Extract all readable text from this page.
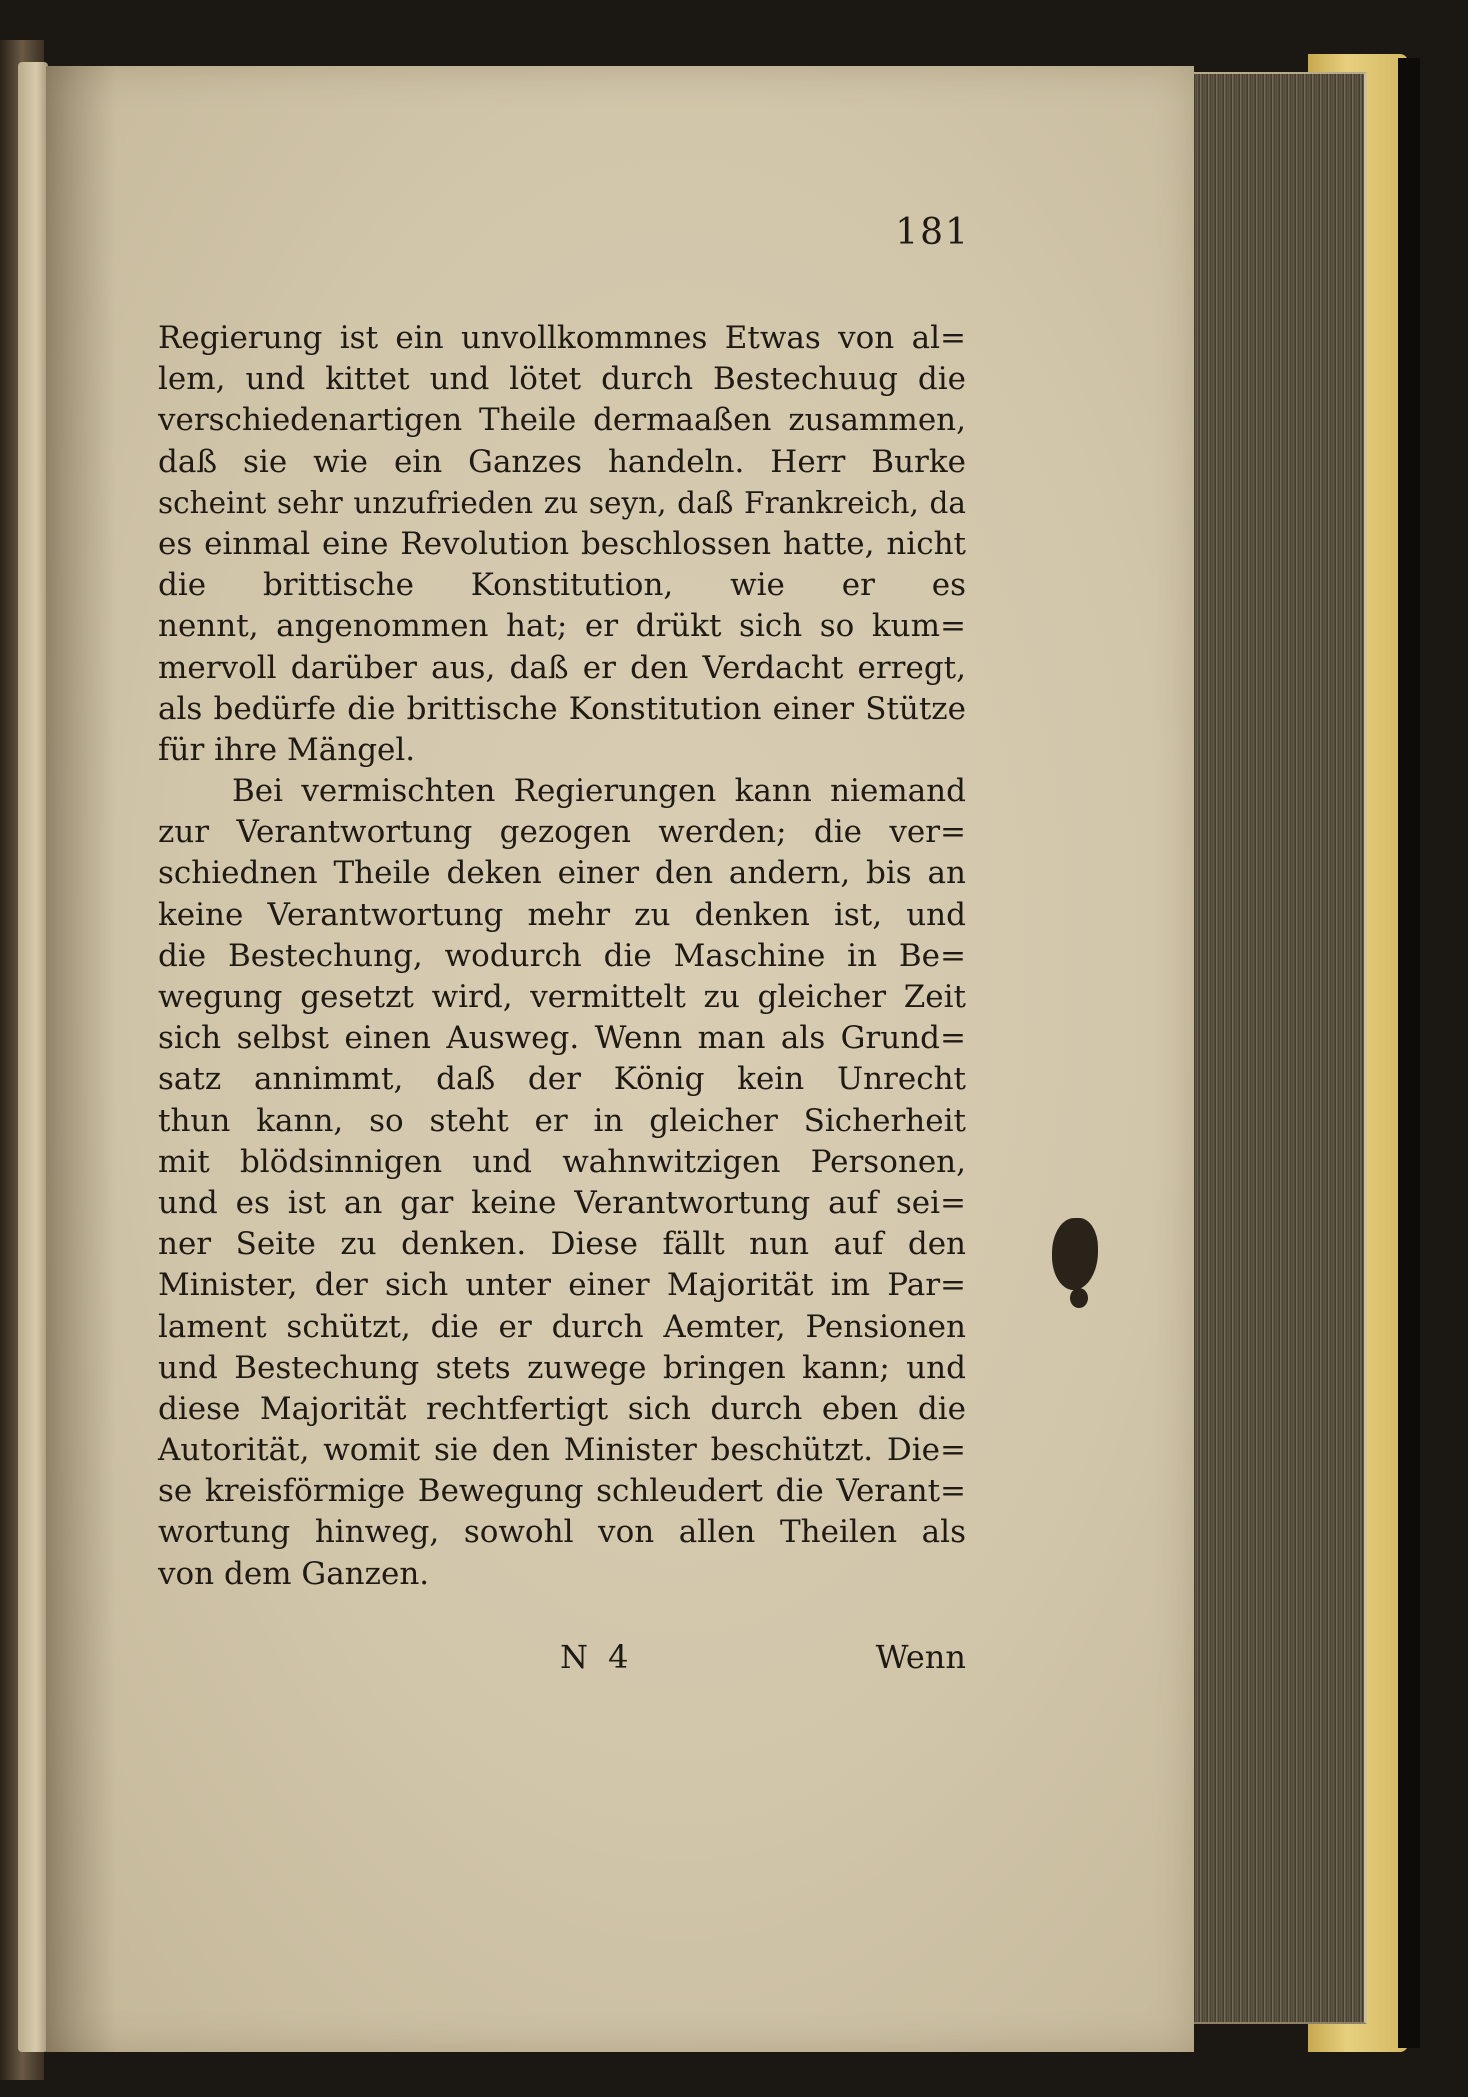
181
Regierung ist ein unvollkommnes Etwas von al=
lem, und kittet und lötet durch Bestechuug die
verschiedenartigen Theile dermaaßen zusammen,
daß sie wie ein Ganzes handeln. Herr Burke
scheint sehr unzufrieden zu seyn, daß Frankreich, da
es einmal eine Revolution beschlossen hatte, nicht
die brittische Konstitution, wie er es
nennt, angenommen hat; er drükt sich so kum=
mervoll darüber aus, daß er den Verdacht erregt,
als bedürfe die brittische Konstitution einer Stütze
für ihre Mängel.
Bei vermischten Regierungen kann niemand
zur Verantwortung gezogen werden; die ver=
schiednen Theile deken einer den andern, bis an
keine Verantwortung mehr zu denken ist, und
die Bestechung, wodurch die Maschine in Be=
wegung gesetzt wird, vermittelt zu gleicher Zeit
sich selbst einen Ausweg. Wenn man als Grund=
satz annimmt, daß der König kein Unrecht
thun kann, so steht er in gleicher Sicherheit
mit blödsinnigen und wahnwitzigen Personen,
und es ist an gar keine Verantwortung auf sei=
ner Seite zu denken. Diese fällt nun auf den
Minister, der sich unter einer Majorität im Par=
lament schützt, die er durch Aemter, Pensionen
und Bestechung stets zuwege bringen kann; und
diese Majorität rechtfertigt sich durch eben die
Autorität, womit sie den Minister beschützt. Die=
se kreisförmige Bewegung schleudert die Verant=
wortung hinweg, sowohl von allen Theilen als
von dem Ganzen.
N 4	Wenn
